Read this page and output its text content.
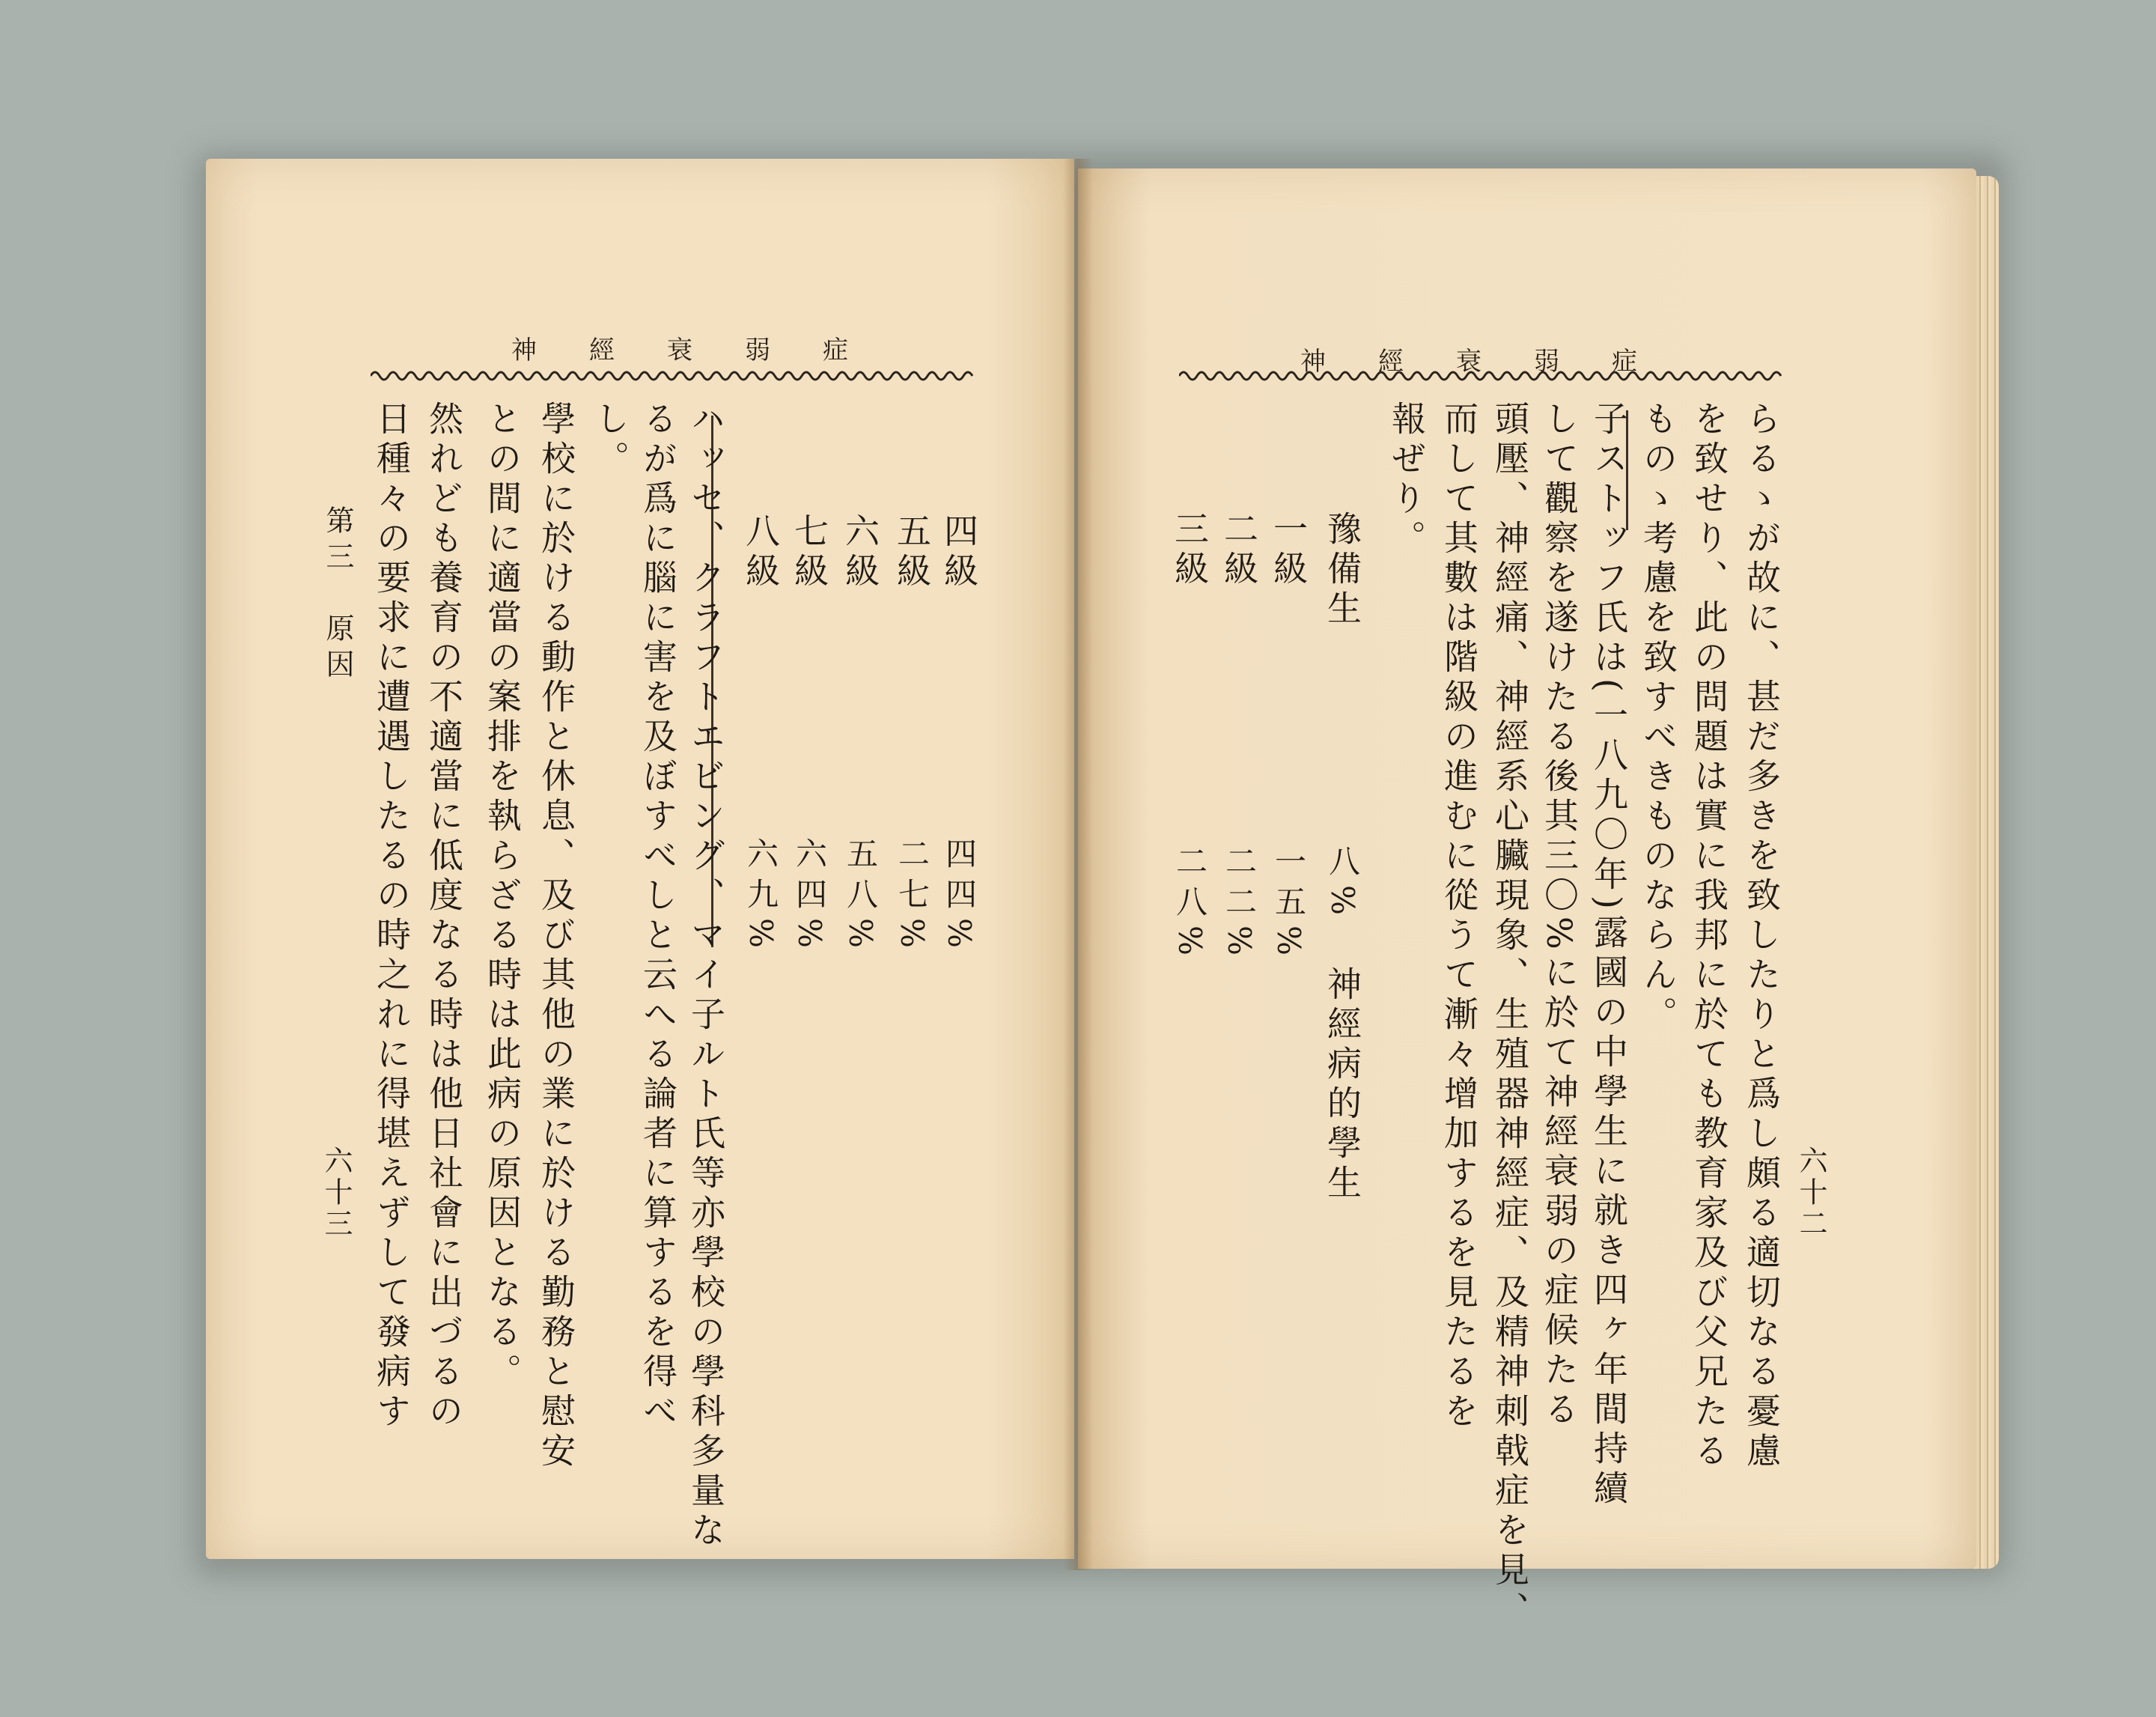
神經衰弱症	神經衰弱症

四級
四四%
五級
二七%
六級
五八%
七級
六四%
八級
六九%
ハッセ、クラフトエビング、マイ子ルト氏等亦學校の學科多量な
るが爲に腦に害を及ぼすべしと云へる論者に算するを得べ
し。
學校に於ける動作と休息、及び其他の業に於ける勤務と慰安
との間に適當の案排を執らざる時は此病の原因となる。
然れども養育の不適當に低度なる時は他日社會に出づるの
日種々の要求に遭遇したるの時之れに得堪えずして發病す
第三　原因
六十三	六十二
らるゝが故に、甚だ多きを致したりと爲し頗る適切なる憂慮
を致せり、此の問題は實に我邦に於ても教育家及び父兄たる
ものゝ考慮を致すべきものならん。
子ストッフ氏は(一八九〇年)露國の中學生に就き四ヶ年間持續
して觀察を遂けたる後其三〇%に於て神經衰弱の症候たる
頭壓、神經痛、神經系心臟現象、生殖器神經症、及精神刺戟症を見、
而して其數は階級の進むに從うて漸々增加するを見たるを
報ぜり。
豫備生
八%
神經病的學生
一級
一五%
二級
二二%
三級
二八%
